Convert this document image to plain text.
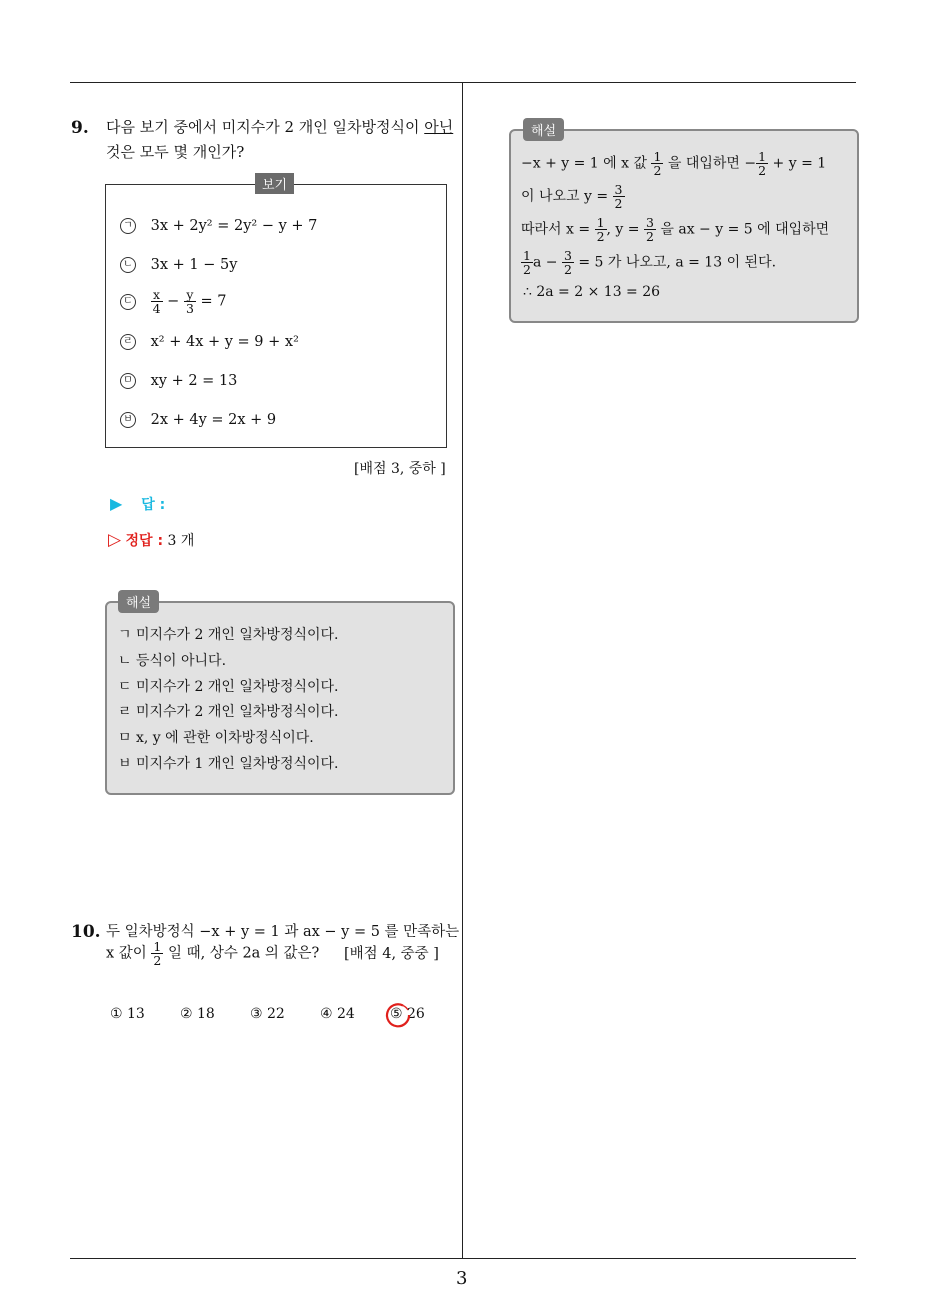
3
9. 다음 보기 중에서 미지수가 2 개인 일차방정식이 아닌
것은 모두 몇 개인가?
보기
ㄱ 3x + 2y² = 2y² − y + 7
ㄴ 3x + 1 − 5y
ㄷ $\frac{x}{4} - \frac{y}{3} = 7$
ㄹ x² + 4x + y = 9 + x²
ㅁ xy + 2 = 13
ㅂ 2x + 4y = 2x + 9
[배점 3, 중하 ]
▶ 답 :
▷ 정답 : 3 개
해설
ㄱ 미지수가 2 개인 일차방정식이다.
ㄴ 등식이 아니다.
ㄷ 미지수가 2 개인 일차방정식이다.
ㄹ 미지수가 2 개인 일차방정식이다.
ㅁ x, y 에 관한 이차방정식이다.
ㅂ 미지수가 1 개인 일차방정식이다.
10. 두 일차방정식 −x + y = 1 과 ax − y = 5 를 만족하는
x 값이 $\frac{1}{2}$ 일 때, 상수 2a 의 값은? [배점 4, 중중 ]
① 13	② 18	③ 22	④ 24	⑤ 26
해설
−x + y = 1 에 x 값 $\frac{1}{2}$ 을 대입하면 − $\frac{1}{2} + y = 1$
이 나오고 $y = \frac{3}{2}$
따라서 $x = \frac{1}{2}$ , $y = \frac{3}{2}$ 을 ax − y = 5 에 대입하면
$\frac{1}{2}$ $a - \frac{3}{2} = 5$ 가 나오고, a = 13 이 된다.
∴ 2a = 2 × 13 = 26
